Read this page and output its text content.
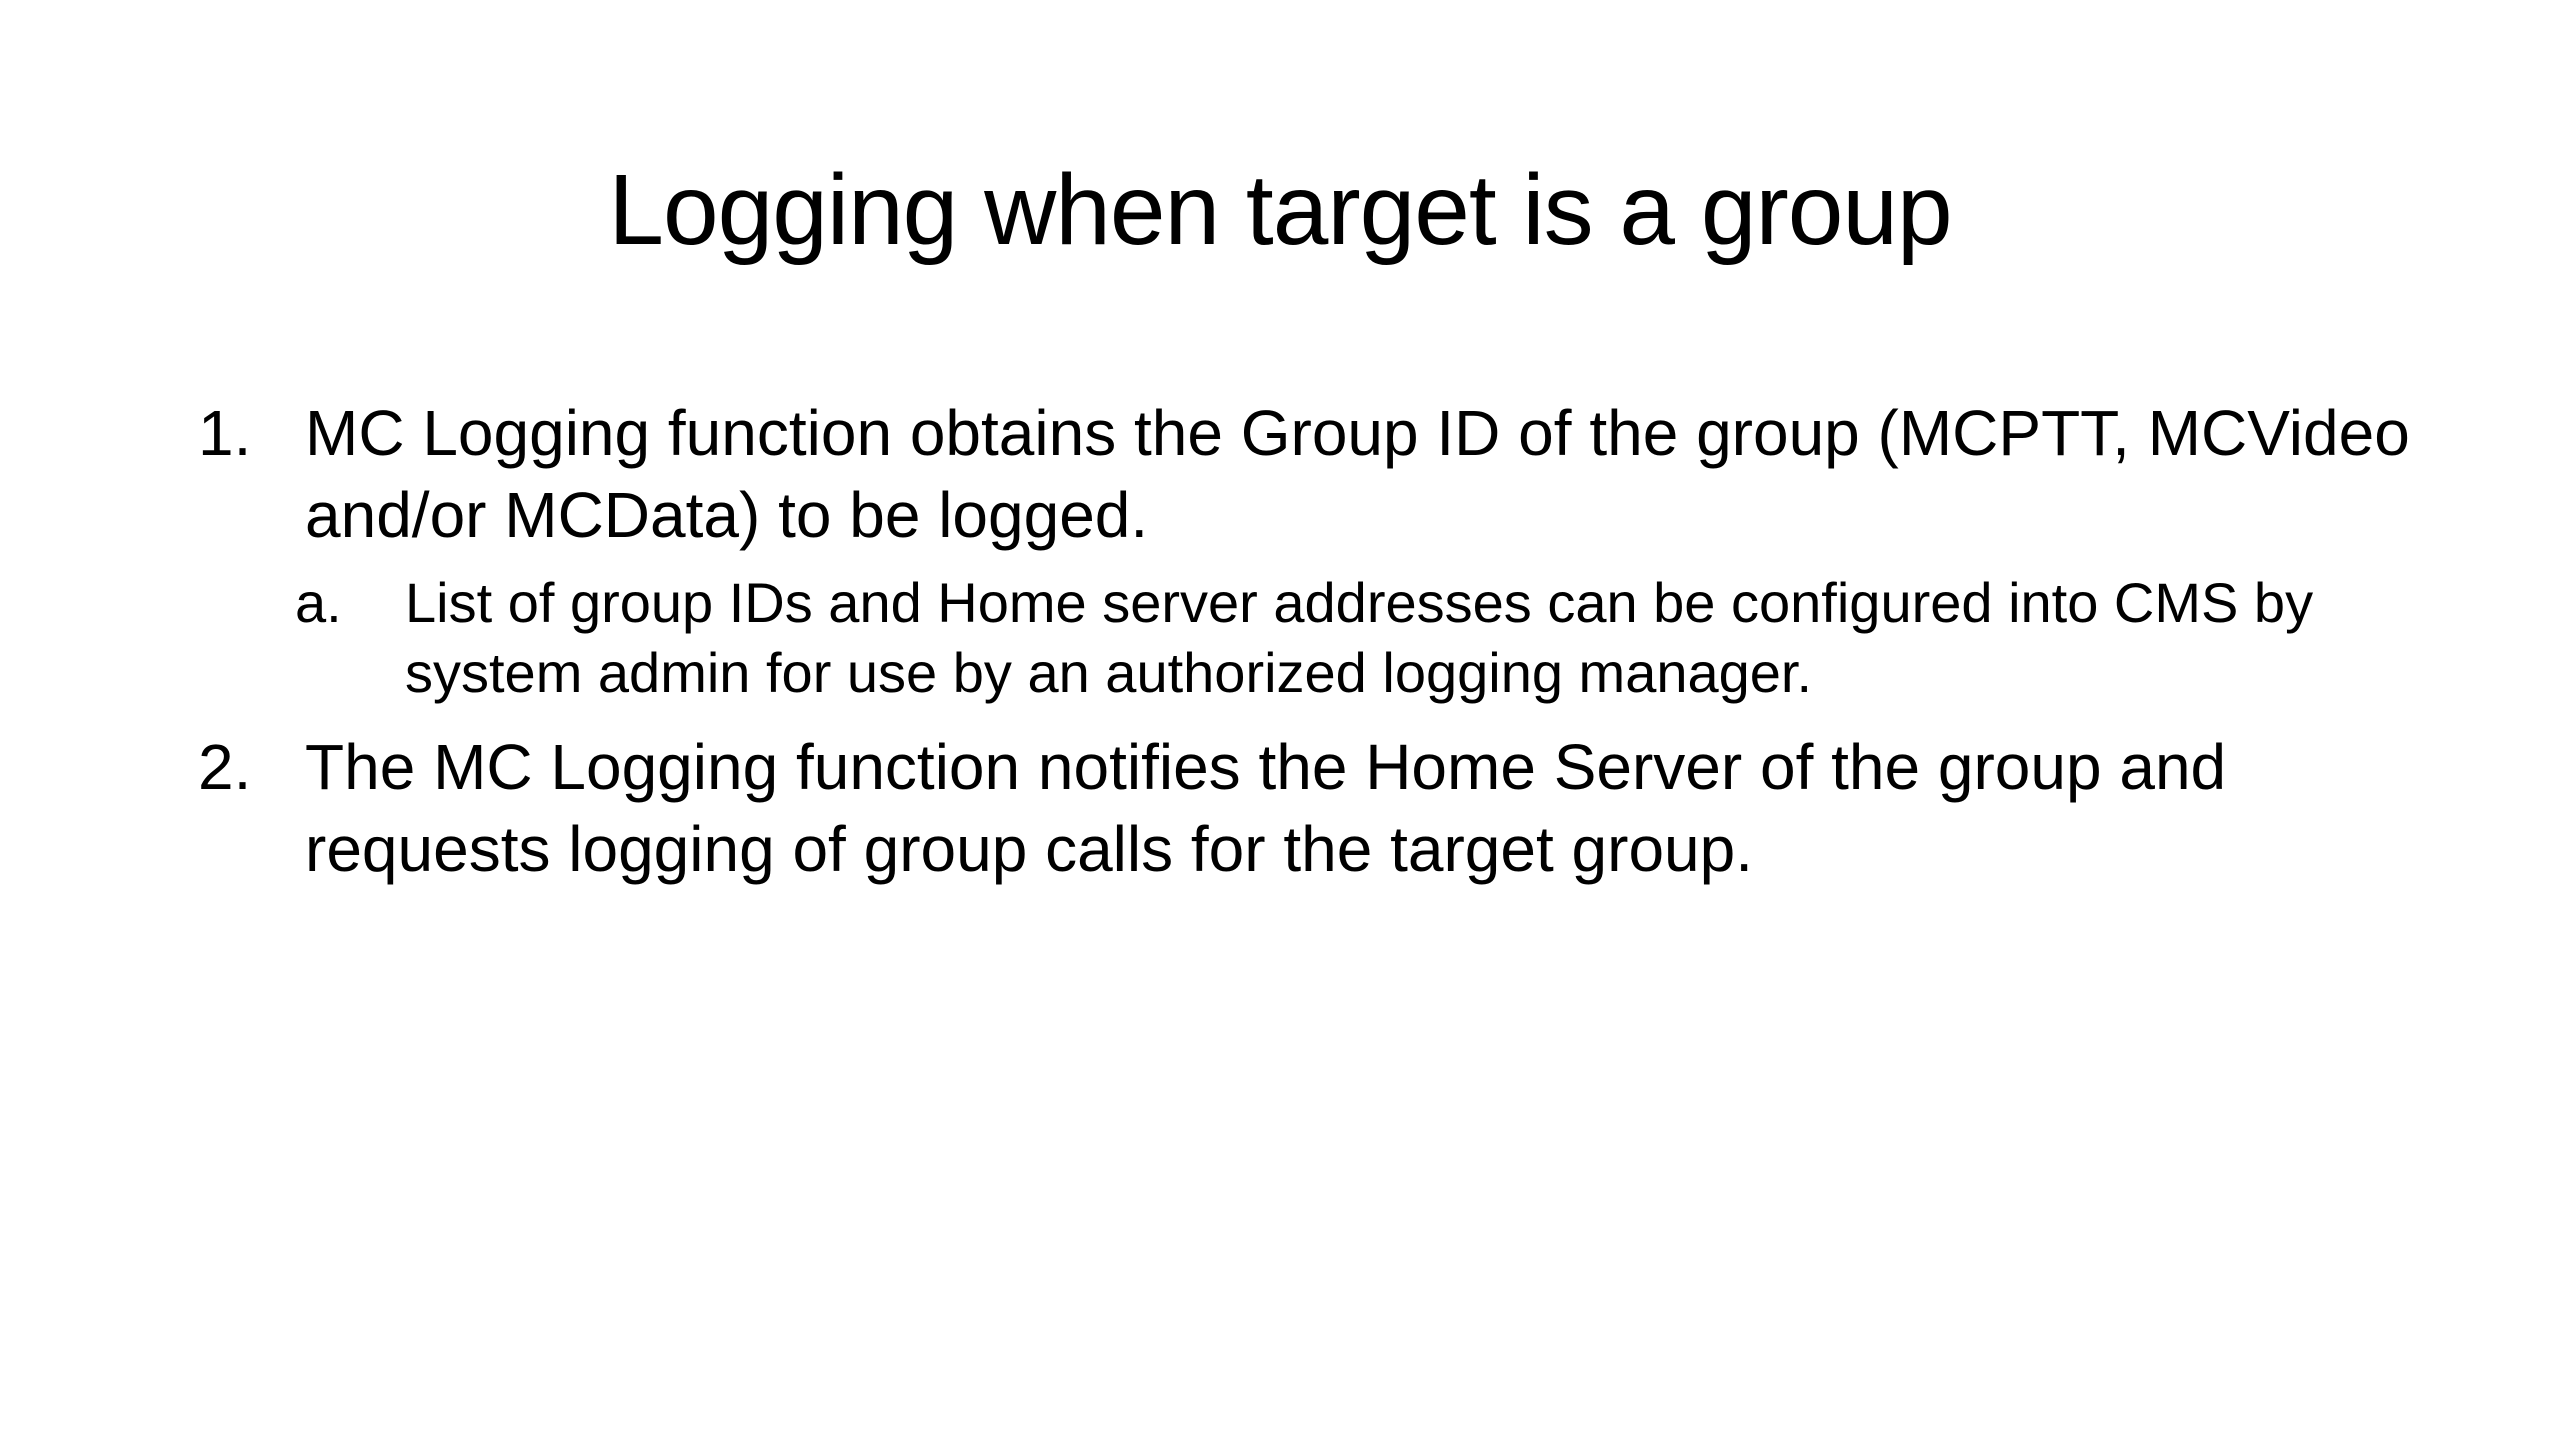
Logging when target is a group
1. MC Logging function obtains the Group ID of the group (MCPTT, MCVideo and/or MCData) to be logged.
a. List of group IDs and Home server addresses can be configured into CMS by system admin for use by an authorized logging manager.
2. The MC Logging function notifies the Home Server of the group and requests logging of group calls for the target group.
